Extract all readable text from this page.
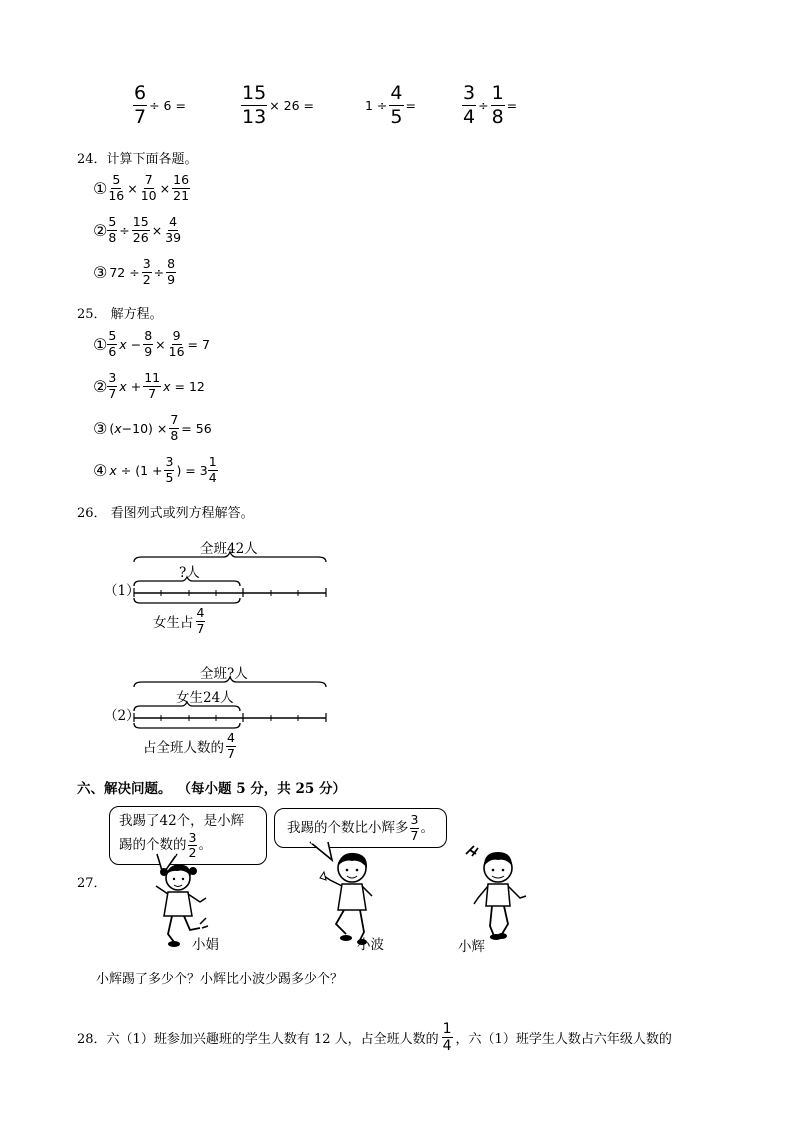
$\frac{6}{7} \div 6$ =	$\frac{15}{13} \times 26$ =	$1 \div \frac{4}{5} = \frac{3}{4} \div \frac{1}{8}$ =
24．计算下面各题。
① $\frac{5}{16} \times \frac{7}{10} \times \frac{16}{21}$
② $\frac{5}{8} \div \frac{15}{26} \times \frac{4}{39}$
③ $72 \div \frac{3}{2} \div \frac{8}{9}$
25． 解方程。
① $\frac{5}{6}$ $x - \frac{8}{9} \times \frac{9}{16} = 7$
② $\frac{3}{7}$ $x + \frac{11}{7}$ x = 12
③ ( $x -10) \times \frac{7}{8} = 56$
④ $x \div (1 + \frac{3}{5}$ ) = $3 \frac{1}{4}$
26． 看图列式或列方程解答。
（1）
全班42人
?人
女生占 $\frac{4}{7}$
（2）
全班?人
女生24人
占全班人数的 $\frac{4}{7}$
六、解决问题。 （每小题 5 分，共 25 分）
27．
我踢了42个，是小辉
踢的个数的 $\frac{3}{2}$ 。
我踢的个数比小辉多 $\frac{3}{7}$ 。
小娟	小波	小辉
小辉踢了多少个？小辉比小波少踢多少个？
28．六（1）班参加兴趣班的学生人数有 12 人，占全班人数的 $\frac{1}{4}$ ，六（1）班学生人数占六年级人数的
